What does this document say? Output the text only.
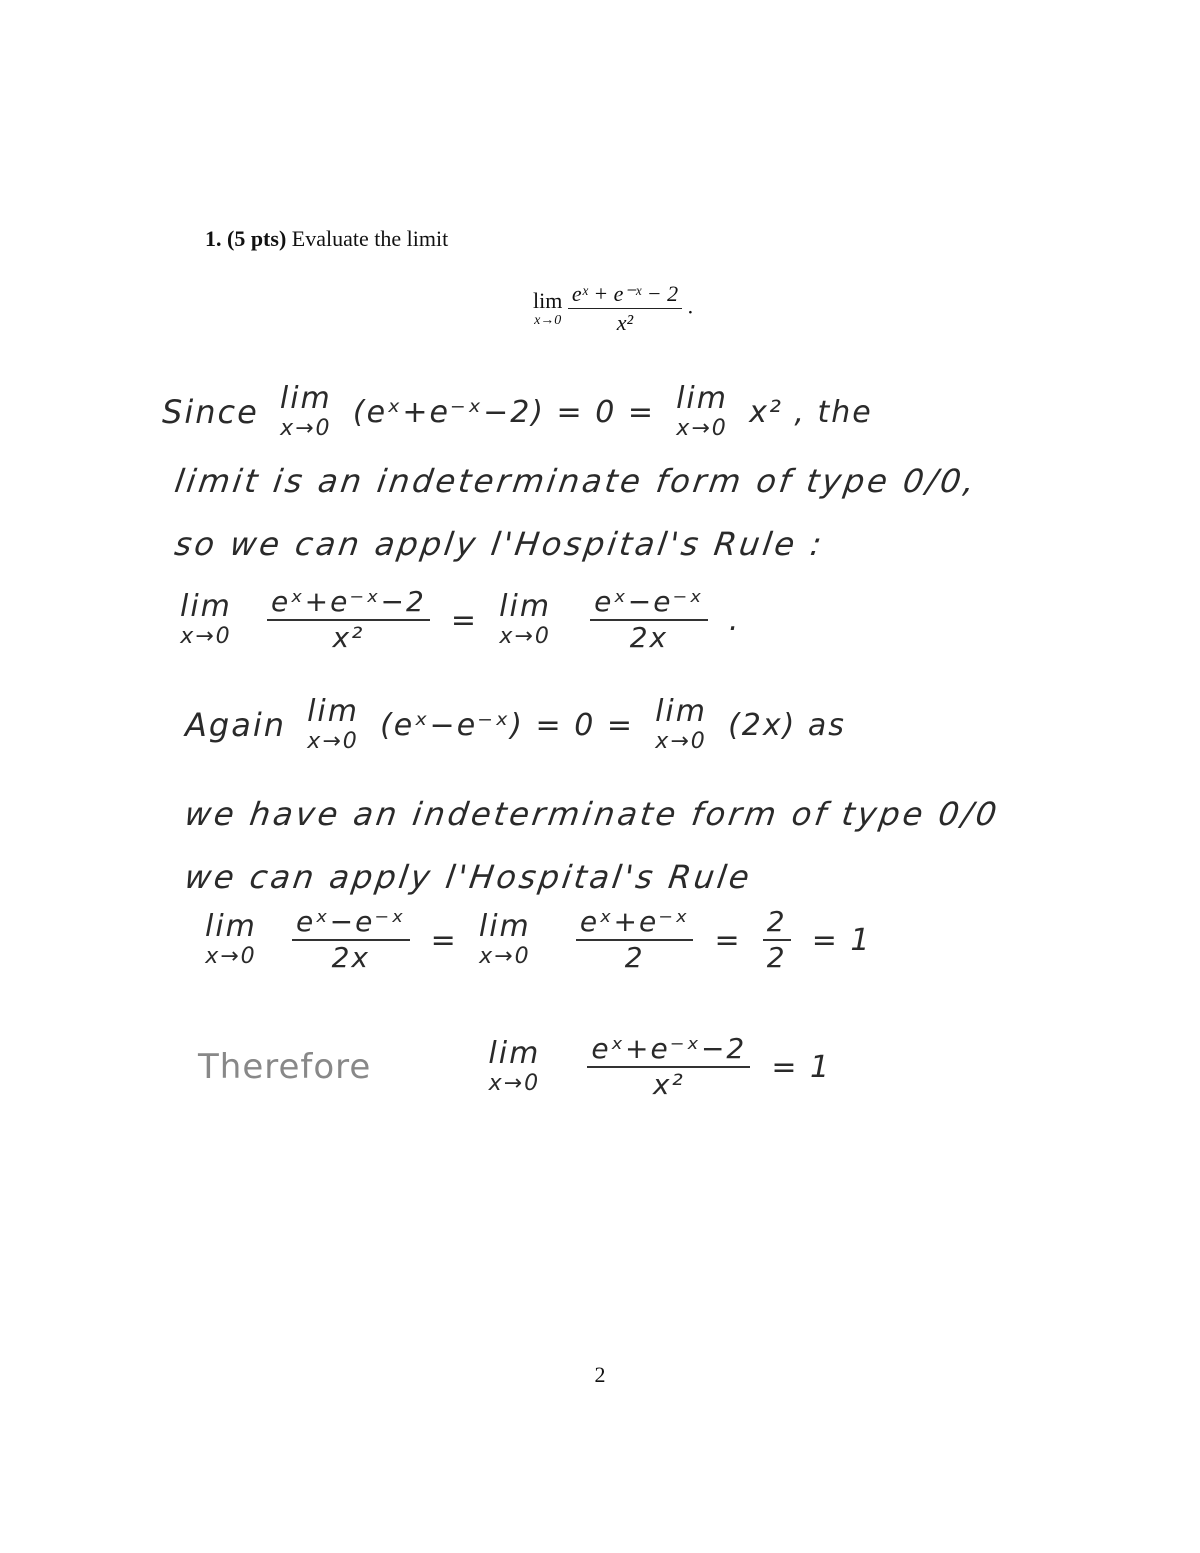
1. (5 pts) Evaluate the limit
lim
x→0
$\frac{\text{eˣ + e⁻ˣ − 2}}{\text{x²}}$ .
Since lim
x→0 (eˣ+e⁻ˣ−2) = 0 = lim
x→0 x² , the
limit is an indeterminate form of type 0/0,
so we can apply l'Hospital's Rule :
lim
x→0
$\frac{\text{eˣ+e⁻ˣ−2}}{\text{x²}} = \lim$
x→0
$\frac{\text{eˣ−e⁻ˣ}}{2x}$ .
Again lim
x→0 (eˣ−e⁻ˣ) = 0 = lim
x→0 (2x) as
we have an indeterminate form of type 0/0
we can apply l'Hospital's Rule
lim
x→0
$\frac{\text{eˣ−e⁻ˣ}}{2x} = \lim$
x→0
$\frac{\text{eˣ+e⁻ˣ}}{2} = \frac{2}{2} = 1$
Therefore	lim
x→0
$\frac{\text{eˣ+e⁻ˣ−2}}{\text{x²}} = 1$
2
